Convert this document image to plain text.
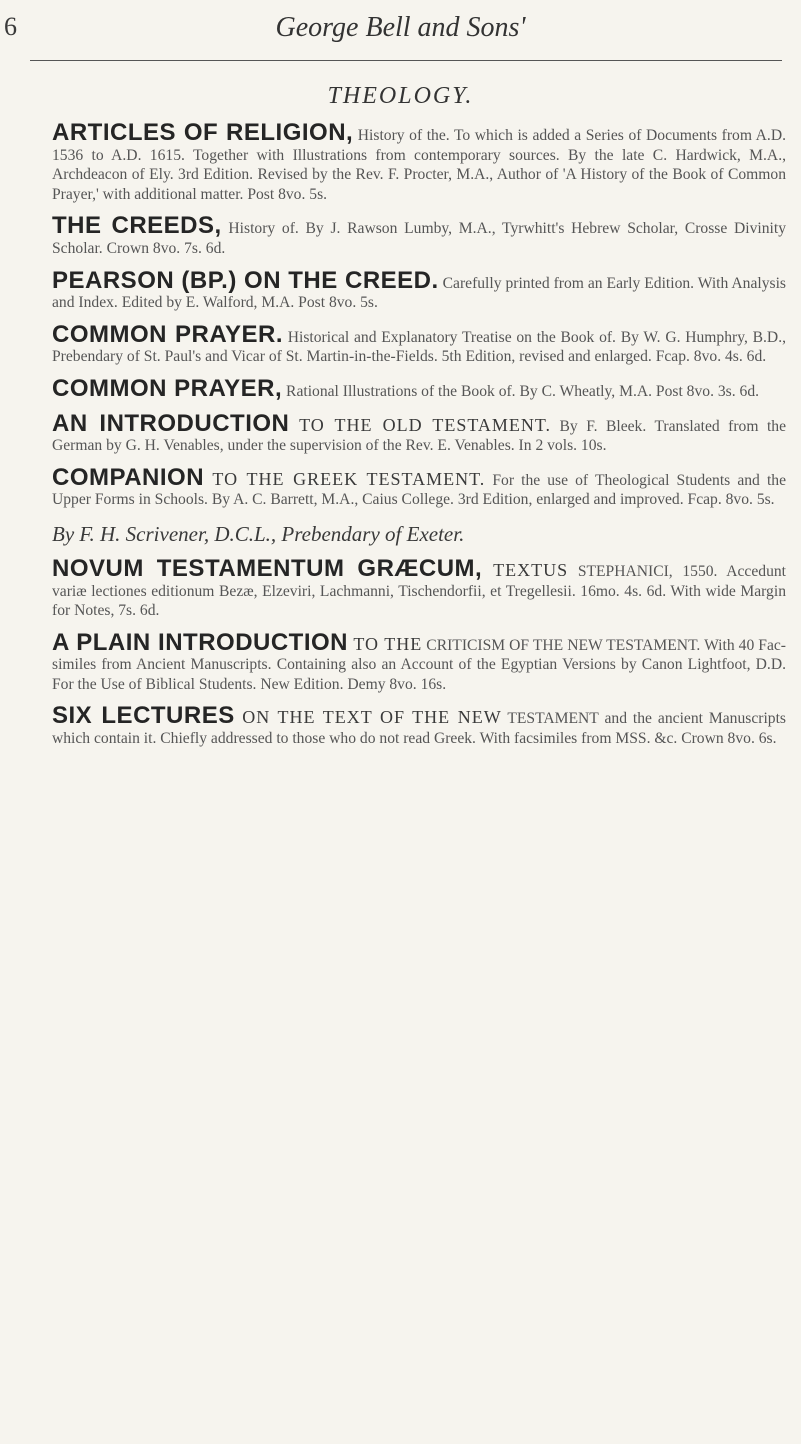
6	George Bell and Sons'
THEOLOGY.

ARTICLES OF RELIGION, History of the. To which is added a Series of Documents from A.D. 1536 to A.D. 1615. Together with Illustrations from contemporary sources. By the late C. Hardwick, M.A., Archdeacon of Ely. 3rd Edition. Revised by the Rev. F. Procter, M.A., Author of 'A History of the Book of Common Prayer,' with additional matter. Post 8vo. 5s.

THE CREEDS, History of. By J. Rawson Lumby, M.A., Tyrwhitt's Hebrew Scholar, Crosse Divinity Scholar. Crown 8vo. 7s. 6d.

PEARSON (BP.) ON THE CREED. Carefully printed from an Early Edition. With Analysis and Index. Edited by E. Walford, M.A. Post 8vo. 5s.

COMMON PRAYER. Historical and Explanatory Treatise on the Book of. By W. G. Humphry, B.D., Prebendary of St. Paul's and Vicar of St. Martin-in-the-Fields. 5th Edition, revised and enlarged. Fcap. 8vo. 4s. 6d.

COMMON PRAYER, Rational Illustrations of the Book of. By C. Wheatly, M.A. Post 8vo. 3s. 6d.

AN INTRODUCTION TO THE OLD TESTAMENT. By F. Bleek. Translated from the German by G. H. Venables, under the supervision of the Rev. E. Venables. In 2 vols. 10s.

COMPANION TO THE GREEK TESTAMENT. For the use of Theological Students and the Upper Forms in Schools. By A. C. Barrett, M.A., Caius College. 3rd Edition, enlarged and improved. Fcap. 8vo. 5s.

By F. H. Scrivener, D.C.L., Prebendary of Exeter.

NOVUM TESTAMENTUM GRÆCUM, TEXTUS STEPHANICI, 1550. Accedunt variæ lectiones editionum Bezæ, Elzeviri, Lachmanni, Tischendorfii, et Tregellesii. 16mo. 4s. 6d. With wide Margin for Notes, 7s. 6d.

A PLAIN INTRODUCTION TO THE CRITICISM OF THE NEW TESTAMENT. With 40 Fac-similes from Ancient Manuscripts. Containing also an Account of the Egyptian Versions by Canon Lightfoot, D.D. For the Use of Biblical Students. New Edition. Demy 8vo. 16s.

SIX LECTURES ON THE TEXT OF THE NEW TESTAMENT and the ancient Manuscripts which contain it. Chiefly addressed to those who do not read Greek. With facsimiles from MSS. &c. Crown 8vo. 6s.
